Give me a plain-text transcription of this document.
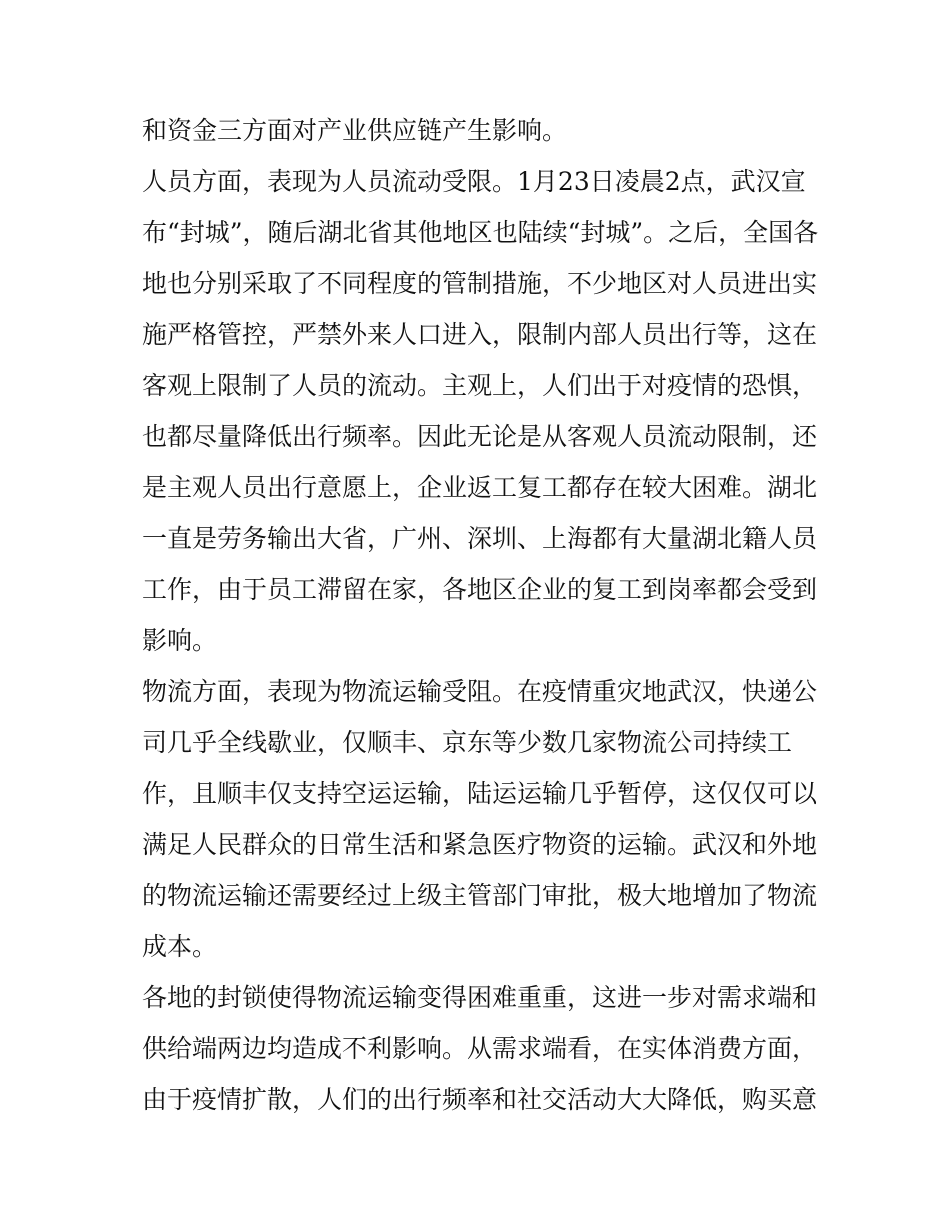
和资金三方面对产业供应链产生影响。
人员方面，表现为人员流动受限。1月23日凌晨2点，武汉宣
布“封城”，随后湖北省其他地区也陆续“封城”。之后，全国各
地也分别采取了不同程度的管制措施，不少地区对人员进出实
施严格管控，严禁外来人口进入，限制内部人员出行等，这在
客观上限制了人员的流动。主观上，人们出于对疫情的恐惧，
也都尽量降低出行频率。因此无论是从客观人员流动限制，还
是主观人员出行意愿上，企业返工复工都存在较大困难。湖北
一直是劳务输出大省，广州、深圳、上海都有大量湖北籍人员
工作，由于员工滞留在家，各地区企业的复工到岗率都会受到
影响。
物流方面，表现为物流运输受阻。在疫情重灾地武汉，快递公
司几乎全线歇业，仅顺丰、京东等少数几家物流公司持续工
作，且顺丰仅支持空运运输，陆运运输几乎暂停，这仅仅可以
满足人民群众的日常生活和紧急医疗物资的运输。武汉和外地
的物流运输还需要经过上级主管部门审批，极大地增加了物流
成本。
各地的封锁使得物流运输变得困难重重，这进一步对需求端和
供给端两边均造成不利影响。从需求端看，在实体消费方面，
由于疫情扩散，人们的出行频率和社交活动大大降低，购买意
